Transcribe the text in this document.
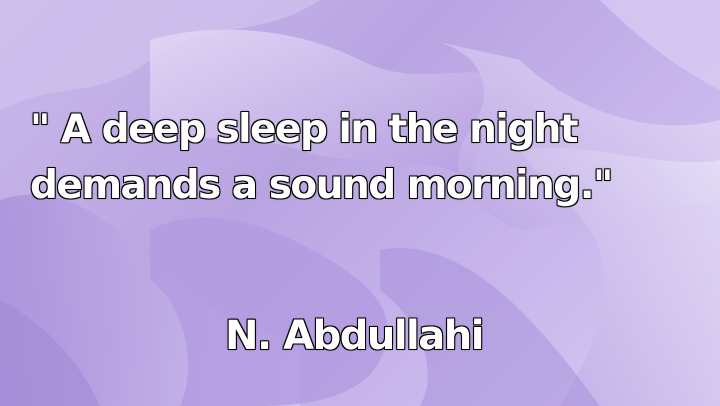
" A deep sleep in the night
demands a sound morning."

N. Abdullahi
